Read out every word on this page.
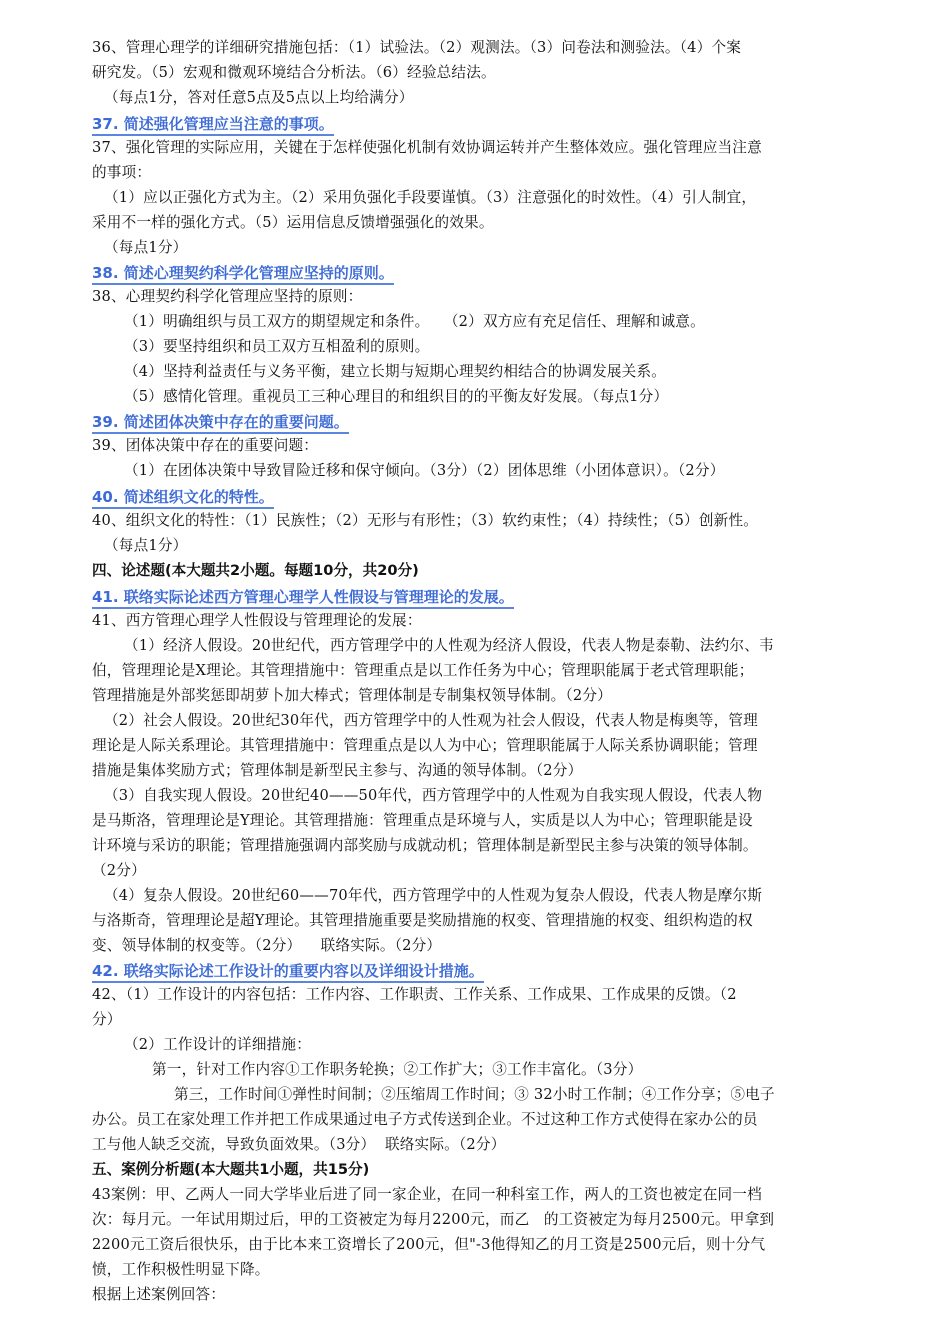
36、管理心理学的详细研究措施包括：（1）试验法。（2）观测法。（3）问卷法和测验法。（4）个案
研究发。（5）宏观和微观环境结合分析法。（6）经验总结法。
（每点1分，答对任意5点及5点以上均给满分）
37. 简述强化管理应当注意的事项。
37、强化管理的实际应用，关键在于怎样使强化机制有效协调运转并产生整体效应。强化管理应当注意
的事项：
（1）应以正强化方式为主。（2）采用负强化手段要谨慎。（3）注意强化的时效性。（4）引人制宜，
采用不一样的强化方式。（5）运用信息反馈增强强化的效果。
（每点1分）
38. 简述心理契约科学化管理应坚持的原则。
38、心理契约科学化管理应坚持的原则：
（1）明确组织与员工双方的期望规定和条件。   （2）双方应有充足信任、理解和诚意。
（3）要坚持组织和员工双方互相盈利的原则。
（4）坚持利益责任与义务平衡，建立长期与短期心理契约相结合的协调发展关系。
（5）感情化管理。重视员工三种心理目的和组织目的的平衡友好发展。（每点1分）
39. 简述团体决策中存在的重要问题。
39、团体决策中存在的重要问题：
（1）在团体决策中导致冒险迁移和保守倾向。（3分）（2）团体思维（小团体意识）。（2分）
40. 简述组织文化的特性。
40、组织文化的特性：（1）民族性；（2）无形与有形性；（3）软约束性；（4）持续性；（5）创新性。
（每点1分）
四、论述题(本大题共2小题。每题10分，共20分)
41. 联络实际论述西方管理心理学人性假设与管理理论的发展。
41、西方管理心理学人性假设与管理理论的发展：
（1）经济人假设。20世纪代，西方管理学中的人性观为经济人假设，代表人物是泰勒、法约尔、韦
伯，管理理论是X理论。其管理措施中：管理重点是以工作任务为中心；管理职能属于老式管理职能；
管理措施是外部奖惩即胡萝卜加大棒式；管理体制是专制集权领导体制。（2分）
（2）社会人假设。20世纪30年代，西方管理学中的人性观为社会人假设，代表人物是梅奥等，管理
理论是人际关系理论。其管理措施中：管理重点是以人为中心；管理职能属于人际关系协调职能；管理
措施是集体奖励方式；管理体制是新型民主参与、沟通的领导体制。（2分）
（3）自我实现人假设。20世纪40——50年代，西方管理学中的人性观为自我实现人假设，代表人物
是马斯洛，管理理论是Y理论。其管理措施：管理重点是环境与人，实质是以人为中心；管理职能是设
计环境与采访的职能；管理措施强调内部奖励与成就动机；管理体制是新型民主参与决策的领导体制。
（2分）
（4）复杂人假设。20世纪60——70年代，西方管理学中的人性观为复杂人假设，代表人物是摩尔斯
与洛斯奇，管理理论是超Y理论。其管理措施重要是奖励措施的权变、管理措施的权变、组织构造的权
变、领导体制的权变等。（2分）    联络实际。（2分）
42. 联络实际论述工作设计的重要内容以及详细设计措施。
42、（1）工作设计的内容包括：工作内容、工作职责、工作关系、工作成果、工作成果的反馈。（2
分）
（2）工作设计的详细措施：
第一，针对工作内容①工作职务轮换；②工作扩大；③工作丰富化。（3分）
第三，工作时间①弹性时间制；②压缩周工作时间；③ 32小时工作制；④工作分享；⑤电子
办公。员工在家处理工作并把工作成果通过电子方式传送到企业。不过这种工作方式使得在家办公的员
工与他人缺乏交流，导致负面效果。（3分）  联络实际。（2分）
五、案例分析题(本大题共1小题，共15分)
43案例：甲、乙两人一同大学毕业后进了同一家企业，在同一种科室工作，两人的工资也被定在同一档
次：每月元。一年试用期过后，甲的工资被定为每月2200元，而乙   的工资被定为每月2500元。甲拿到
2200元工资后很快乐，由于比本来工资增长了200元，但"-3他得知乙的月工资是2500元后，则十分气
愤，工作积极性明显下降。
根据上述案例回答：
